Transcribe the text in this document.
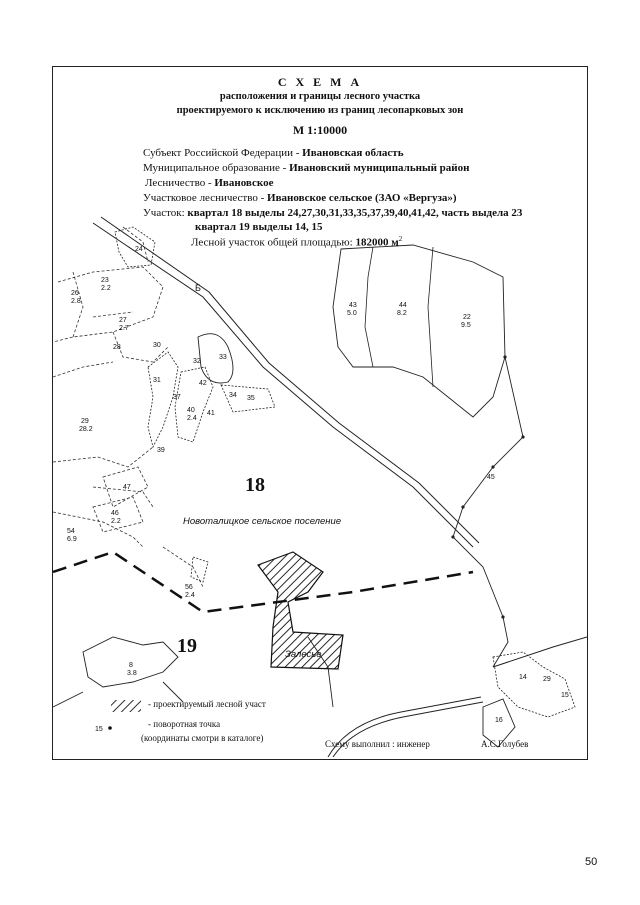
26
2.8
23
2.2
27
2.7
24
28	30
32
33
31	42
37
40
2.4
41
34 35
39
29
28.2
47
46
2.2
54
6.9
56
2.4
43
5.0
44
8.2
22
9.5
45
8
3.8
14 29
15
16
18
19
Новоталицкое сельское поселение
Залесье
Б
15
С Х Е М А
расположения и границы лесного участка
проектируемого к исключению из границ лесопарковых зон
М 1:10000
Субъект Российской Федерации - Ивановская область
Муниципальное образование - Ивановский муниципальный район
Лесничество - Ивановское
Участковое лесничество - Ивановское сельское (ЗАО «Вергуза»)
Участок: квартал 18 выделы 24,27,30,31,33,35,37,39,40,41,42, часть выдела 23
квартал 19 выделы 14, 15
Лесной участок общей площадью: 182000 $м^2$
- проектируемый лесной участ
- поворотная точка
(координаты смотри в каталоге)
Схему выполнил : инженер	А.С.Голубев
50
